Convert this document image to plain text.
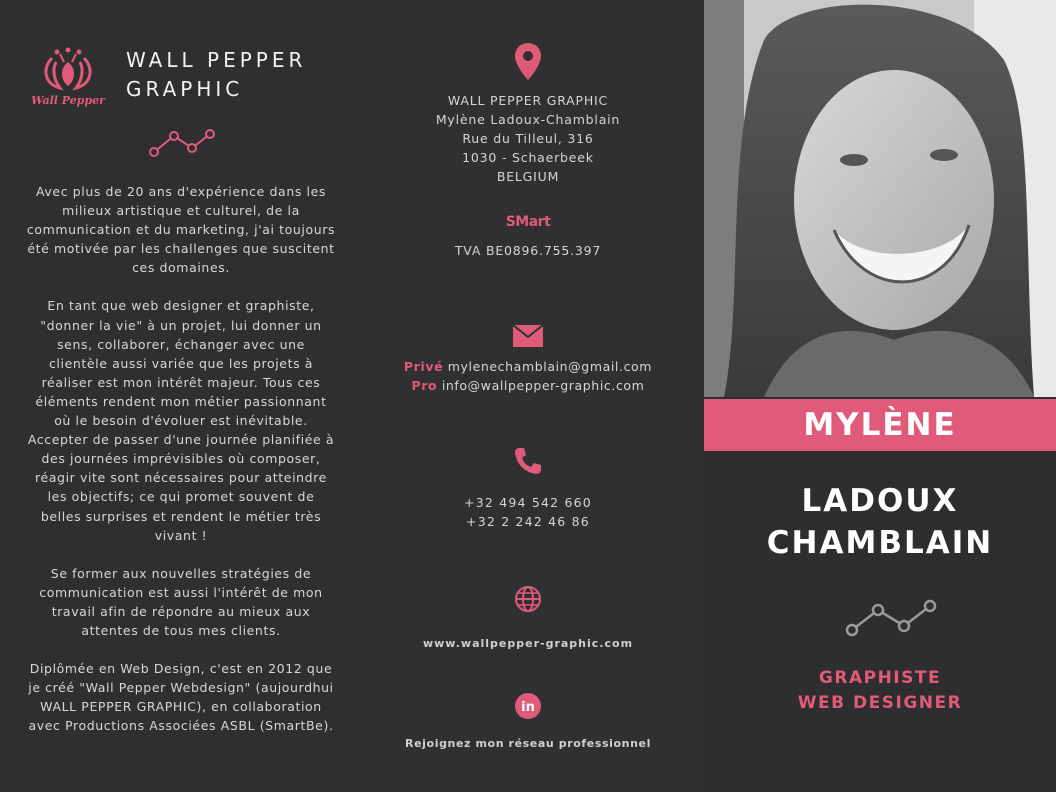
Wall Pepper
WALL PEPPER
GRAPHIC

Avec plus de 20 ans d'expérience dans les milieux artistique et culturel, de la communication et du marketing, j'ai toujours été motivée par les challenges que suscitent ces domaines.

En tant que web designer et graphiste, "donner la vie" à un projet, lui donner un sens, collaborer, échanger avec une clientèle aussi variée que les projets à réaliser est mon intérêt majeur. Tous ces éléments rendent mon métier passionnant où le besoin d'évoluer est inévitable. Accepter de passer d'une journée planifiée à des journées imprévisibles où composer, réagir vite sont nécessaires pour atteindre les objectifs; ce qui promet souvent de belles surprises et rendent le métier très vivant !

Se former aux nouvelles stratégies de communication est aussi l'intérêt de mon travail afin de répondre au mieux aux attentes de tous mes clients.

Diplômée en Web Design, c'est en 2012 que je créé "Wall Pepper Webdesign" (aujourdhui WALL PEPPER GRAPHIC), en collaboration avec Productions Associées ASBL (SmartBe).

WALL PEPPER GRAPHIC
Mylène Ladoux-Chamblain
Rue du Tilleul, 316
1030 - Schaerbeek
BELGIUM
SMart
TVA BE0896.755.397
Privé mylenechamblain@gmail.com
Pro info@wallpepper-graphic.com
+32 494 542 660
+32 2 242 46 86
www.wallpepper-graphic.com
in
Rejoignez mon réseau professionnel
MYLÈNE
LADOUX
CHAMBLAIN
GRAPHISTE
WEB DESIGNER
